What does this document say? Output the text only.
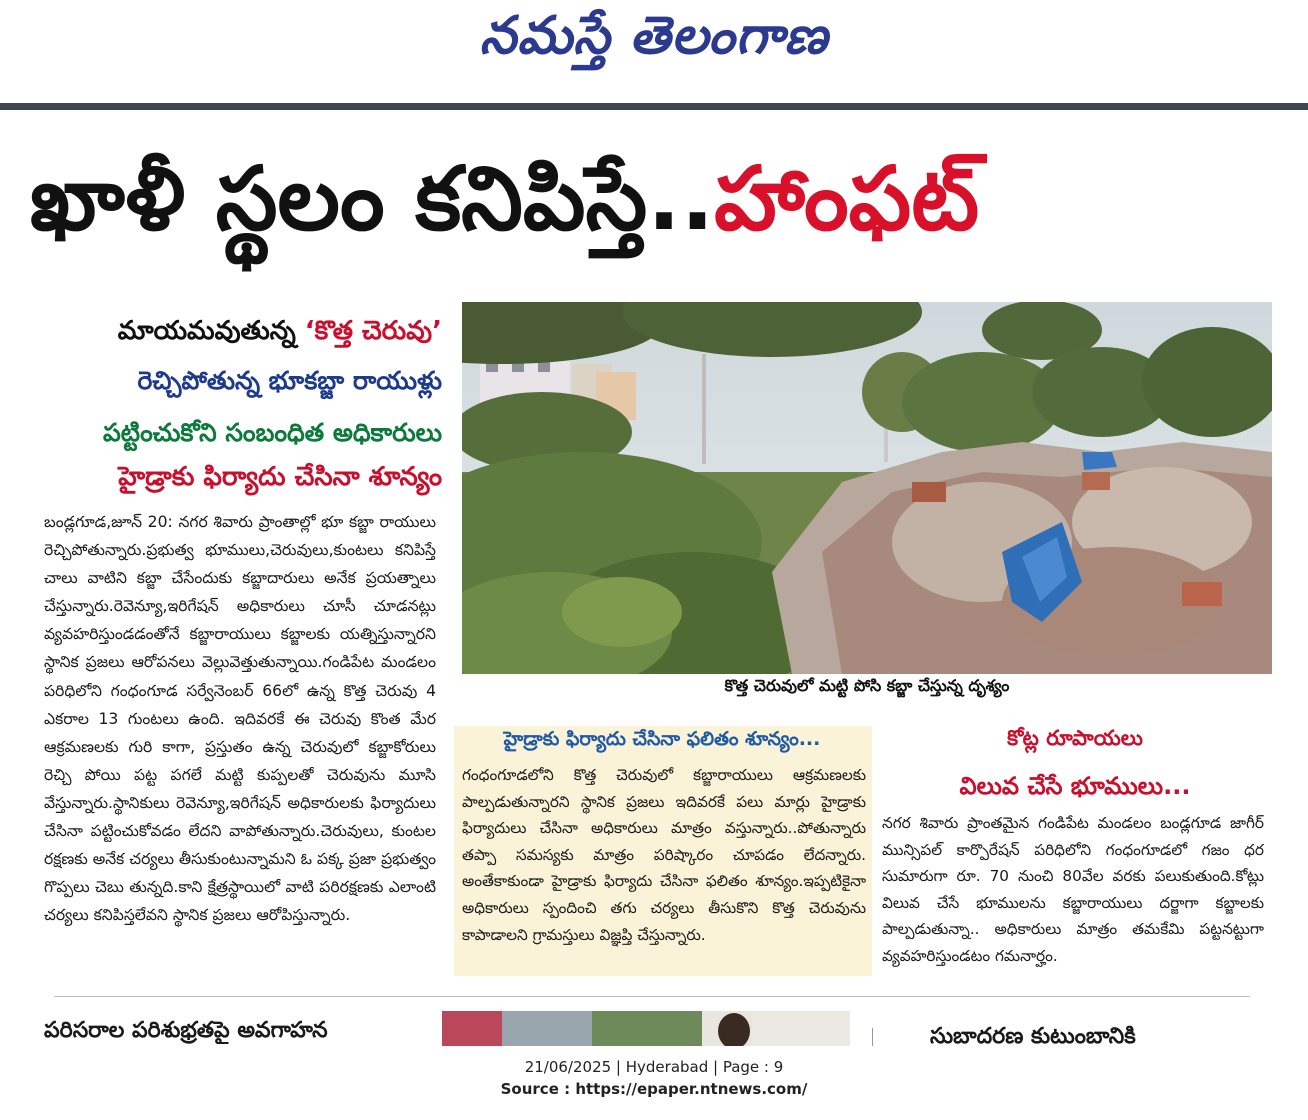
నమస్తే తెలంగాణ
ఖాళీ స్థలం కనిపిస్తే..హాంఫట్
మాయమవుతున్న ‘కొత్త చెరువు’
రెచ్చిపోతున్న భూకబ్జా రాయుళ్లు
పట్టించుకోని సంబంధిత అధికారులు
హైడ్రాకు ఫిర్యాదు చేసినా శూన్యం
బండ్లగూడ,జూన్ 20: నగర శివారు ప్రాంతాల్లో భూ కబ్జా రాయులు రెచ్చిపోతున్నారు.ప్రభుత్వ భూములు,చెరువులు,కుంటలు కనిపిస్తే చాలు వాటిని కబ్జా చేసేందుకు కబ్జాదారులు అనేక ప్రయత్నాలు చేస్తున్నారు.రెవెన్యూ,ఇరిగేషన్ అధికారులు చూసీ చూడనట్లు వ్యవహరిస్తుండడంతోనే కబ్జారాయులు కబ్జాలకు యత్నిస్తున్నారని స్థానిక ప్రజలు ఆరోపనలు వెల్లువెత్తుతున్నాయి.గండిపేట మండలం పరిధిలోని గంధంగూడ సర్వేనెంబర్ 66లో ఉన్న కొత్త చెరువు 4 ఎకరాల 13 గుంటలు ఉంది. ఇదివరకే ఈ చెరువు కొంత మేర ఆక్రమణలకు గురి కాగా, ప్రస్తుతం ఉన్న చెరువులో కబ్జాకోరులు రెచ్చి పోయి పట్ట పగలే మట్టి కుప్పలతో చెరువును మూసి వేస్తున్నారు.స్థానికులు రెవెన్యూ,ఇరిగేషన్ అధికారులకు ఫిర్యాదులు చేసినా పట్టించుకోవడం లేదని వాపోతున్నారు.చెరువులు, కుంటల రక్షణకు అనేక చర్యలు తీసుకుంటున్నామని ఓ పక్క ప్రజా ప్రభుత్వం గొప్పలు చెబు తున్నది.కాని క్షేత్రస్థాయిలో వాటి పరిరక్షణకు ఎలాంటి చర్యలు కనిపిస్తలేవని స్థానిక ప్రజలు ఆరోపిస్తున్నారు.
కొత్త చెరువులో మట్టి పోసి కబ్జా చేస్తున్న దృశ్యం
హైడ్రాకు ఫిర్యాదు చేసినా ఫలితం శూన్యం...
గంధంగూడలోని కొత్త చెరువులో కబ్జారాయులు ఆక్రమణలకు పాల్పడుతున్నారని స్థానిక ప్రజలు ఇదివరకే పలు మార్లు హైడ్రాకు ఫిర్యాదులు చేసినా అధికారులు మాత్రం వస్తున్నారు..పోతున్నారు తప్పా సమస్యకు మాత్రం పరిష్కారం చూపడం లేదన్నారు. అంతేకాకుండా హైడ్రాకు ఫిర్యాదు చేసినా ఫలితం శూన్యం.ఇప్పటికైనా అధికారులు స్పందించి తగు చర్యలు తీసుకొని కొత్త చెరువును కాపాడాలని గ్రామస్తులు విజ్ఞప్తి చేస్తున్నారు.
కోట్ల రూపాయలు
విలువ చేసే భూములు...
నగర శివారు ప్రాంతమైన గండిపేట మండలం బండ్లగూడ జాగీర్ మున్సిపల్ కార్పొరేషన్ పరిధిలోని గంధంగూడలో గజం ధర సుమారుగా రూ. 70 నుంచి 80వేల వరకు పలుకుతుంది.కోట్లు విలువ చేసే భూములను కబ్జారాయులు దర్జాగా కబ్జాలకు పాల్పడుతున్నా.. అధికారులు మాత్రం తమకేమి పట్టనట్టుగా వ్యవహరిస్తుండటం గమనార్హం.
పరిసరాల పరిశుభ్రతపై అవగాహన	సుబాదరణ కుటుంబానికి
21/06/2025 | Hyderabad | Page : 9
Source : https://epaper.ntnews.com/
